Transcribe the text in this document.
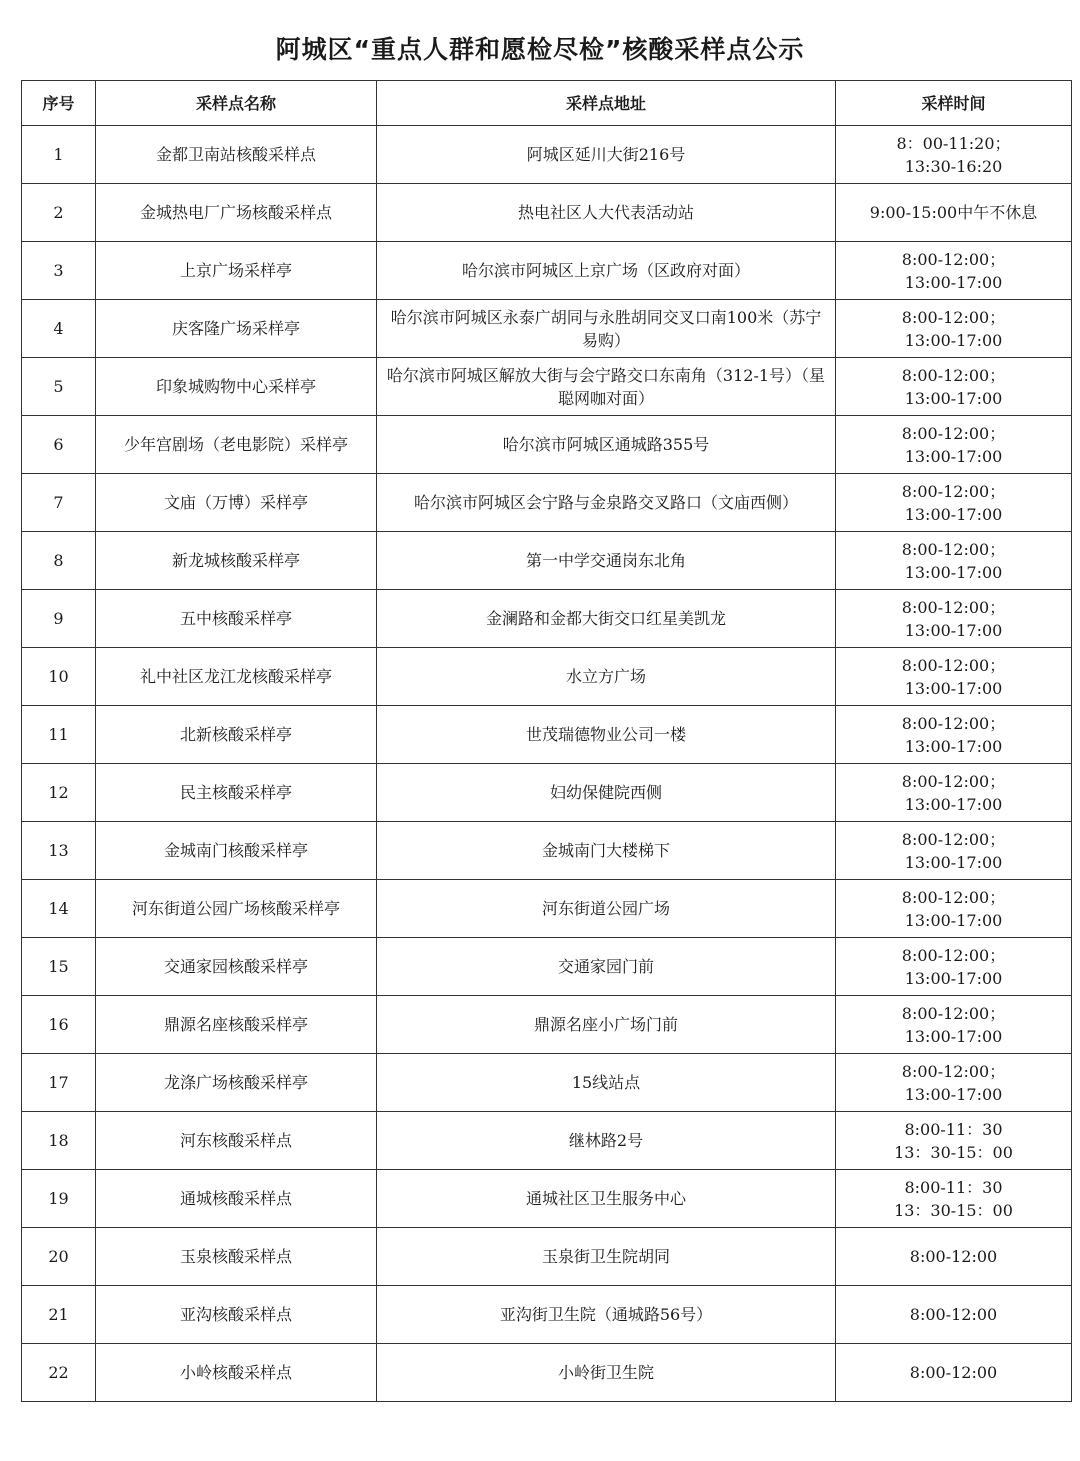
阿城区“重点人群和愿检尽检”核酸采样点公示
序号	采样点名称	采样点地址	采样时间
1	金都卫南站核酸采样点	阿城区延川大街216号	8：00-11:20；
13:30-16:20
2	金城热电厂广场核酸采样点	热电社区人大代表活动站	9:00-15:00中午不休息
3	上京广场采样亭	哈尔滨市阿城区上京广场（区政府对面）	8:00-12:00；
13:00-17:00
4	庆客隆广场采样亭	哈尔滨市阿城区永泰广胡同与永胜胡同交叉口南100米（苏宁易购）	8:00-12:00；
13:00-17:00
5	印象城购物中心采样亭	哈尔滨市阿城区解放大街与会宁路交口东南角（312-1号）（星聪网咖对面）	8:00-12:00；
13:00-17:00
6	少年宫剧场（老电影院）采样亭	哈尔滨市阿城区通城路355号	8:00-12:00；
13:00-17:00
7	文庙（万博）采样亭	哈尔滨市阿城区会宁路与金泉路交叉路口（文庙西侧）	8:00-12:00；
13:00-17:00
8	新龙城核酸采样亭	第一中学交通岗东北角	8:00-12:00；
13:00-17:00
9	五中核酸采样亭	金澜路和金都大街交口红星美凯龙	8:00-12:00；
13:00-17:00
10	礼中社区龙江龙核酸采样亭	水立方广场	8:00-12:00；
13:00-17:00
11	北新核酸采样亭	世茂瑞德物业公司一楼	8:00-12:00；
13:00-17:00
12	民主核酸采样亭	妇幼保健院西侧	8:00-12:00；
13:00-17:00
13	金城南门核酸采样亭	金城南门大楼梯下	8:00-12:00；
13:00-17:00
14	河东街道公园广场核酸采样亭	河东街道公园广场	8:00-12:00；
13:00-17:00
15	交通家园核酸采样亭	交通家园门前	8:00-12:00；
13:00-17:00
16	鼎源名座核酸采样亭	鼎源名座小广场门前	8:00-12:00；
13:00-17:00
17	龙涤广场核酸采样亭	15线站点	8:00-12:00；
13:00-17:00
18	河东核酸采样点	继林路2号	8:00-11：30
13：30-15：00
19	通城核酸采样点	通城社区卫生服务中心	8:00-11：30
13：30-15：00
20	玉泉核酸采样点	玉泉街卫生院胡同	8:00-12:00
21	亚沟核酸采样点	亚沟街卫生院（通城路56号）	8:00-12:00
22	小岭核酸采样点	小岭街卫生院	8:00-12:00
